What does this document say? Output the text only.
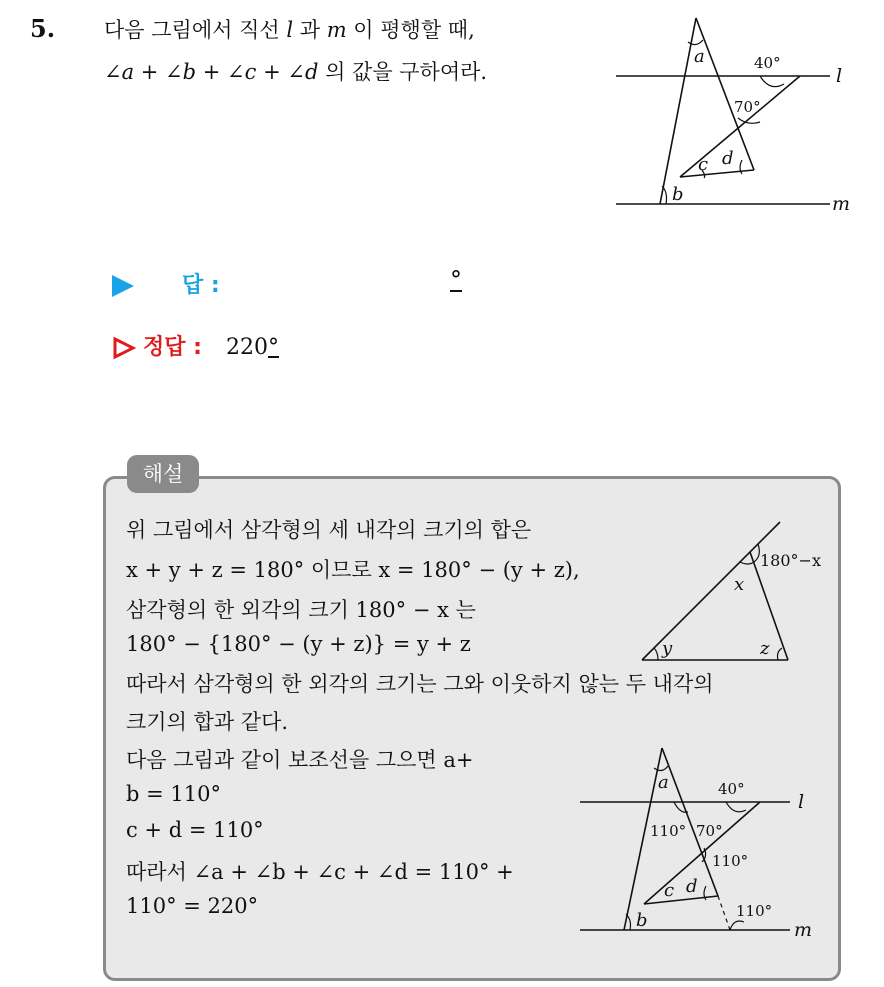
5. 다음 그림에서 직선 l 과 m 이 평행할 때,
∠a + ∠b + ∠c + ∠d 의 값을 구하여라.
a
b
c d
40°
70°
l
m
답 :	°
정답 : 220°
해설
위 그림에서 삼각형의 세 내각의 크기의 합은
x + y + z = 180° 이므로 x = 180° − (y + z),
삼각형의 한 외각의 크기 180° − x 는
180° − {180° − (y + z)} = y + z
따라서 삼각형의 한 외각의 크기는 그와 이웃하지 않는 두 내각의
크기의 합과 같다.
다음 그림과 같이 보조선을 그으면 a+
b = 110°
c + d = 110°
따라서 ∠a + ∠b + ∠c + ∠d = 110° +
110° = 220°
180°−x
x
y	z
a
b
c d
40°
70°
110°
110°
110°
l
m
